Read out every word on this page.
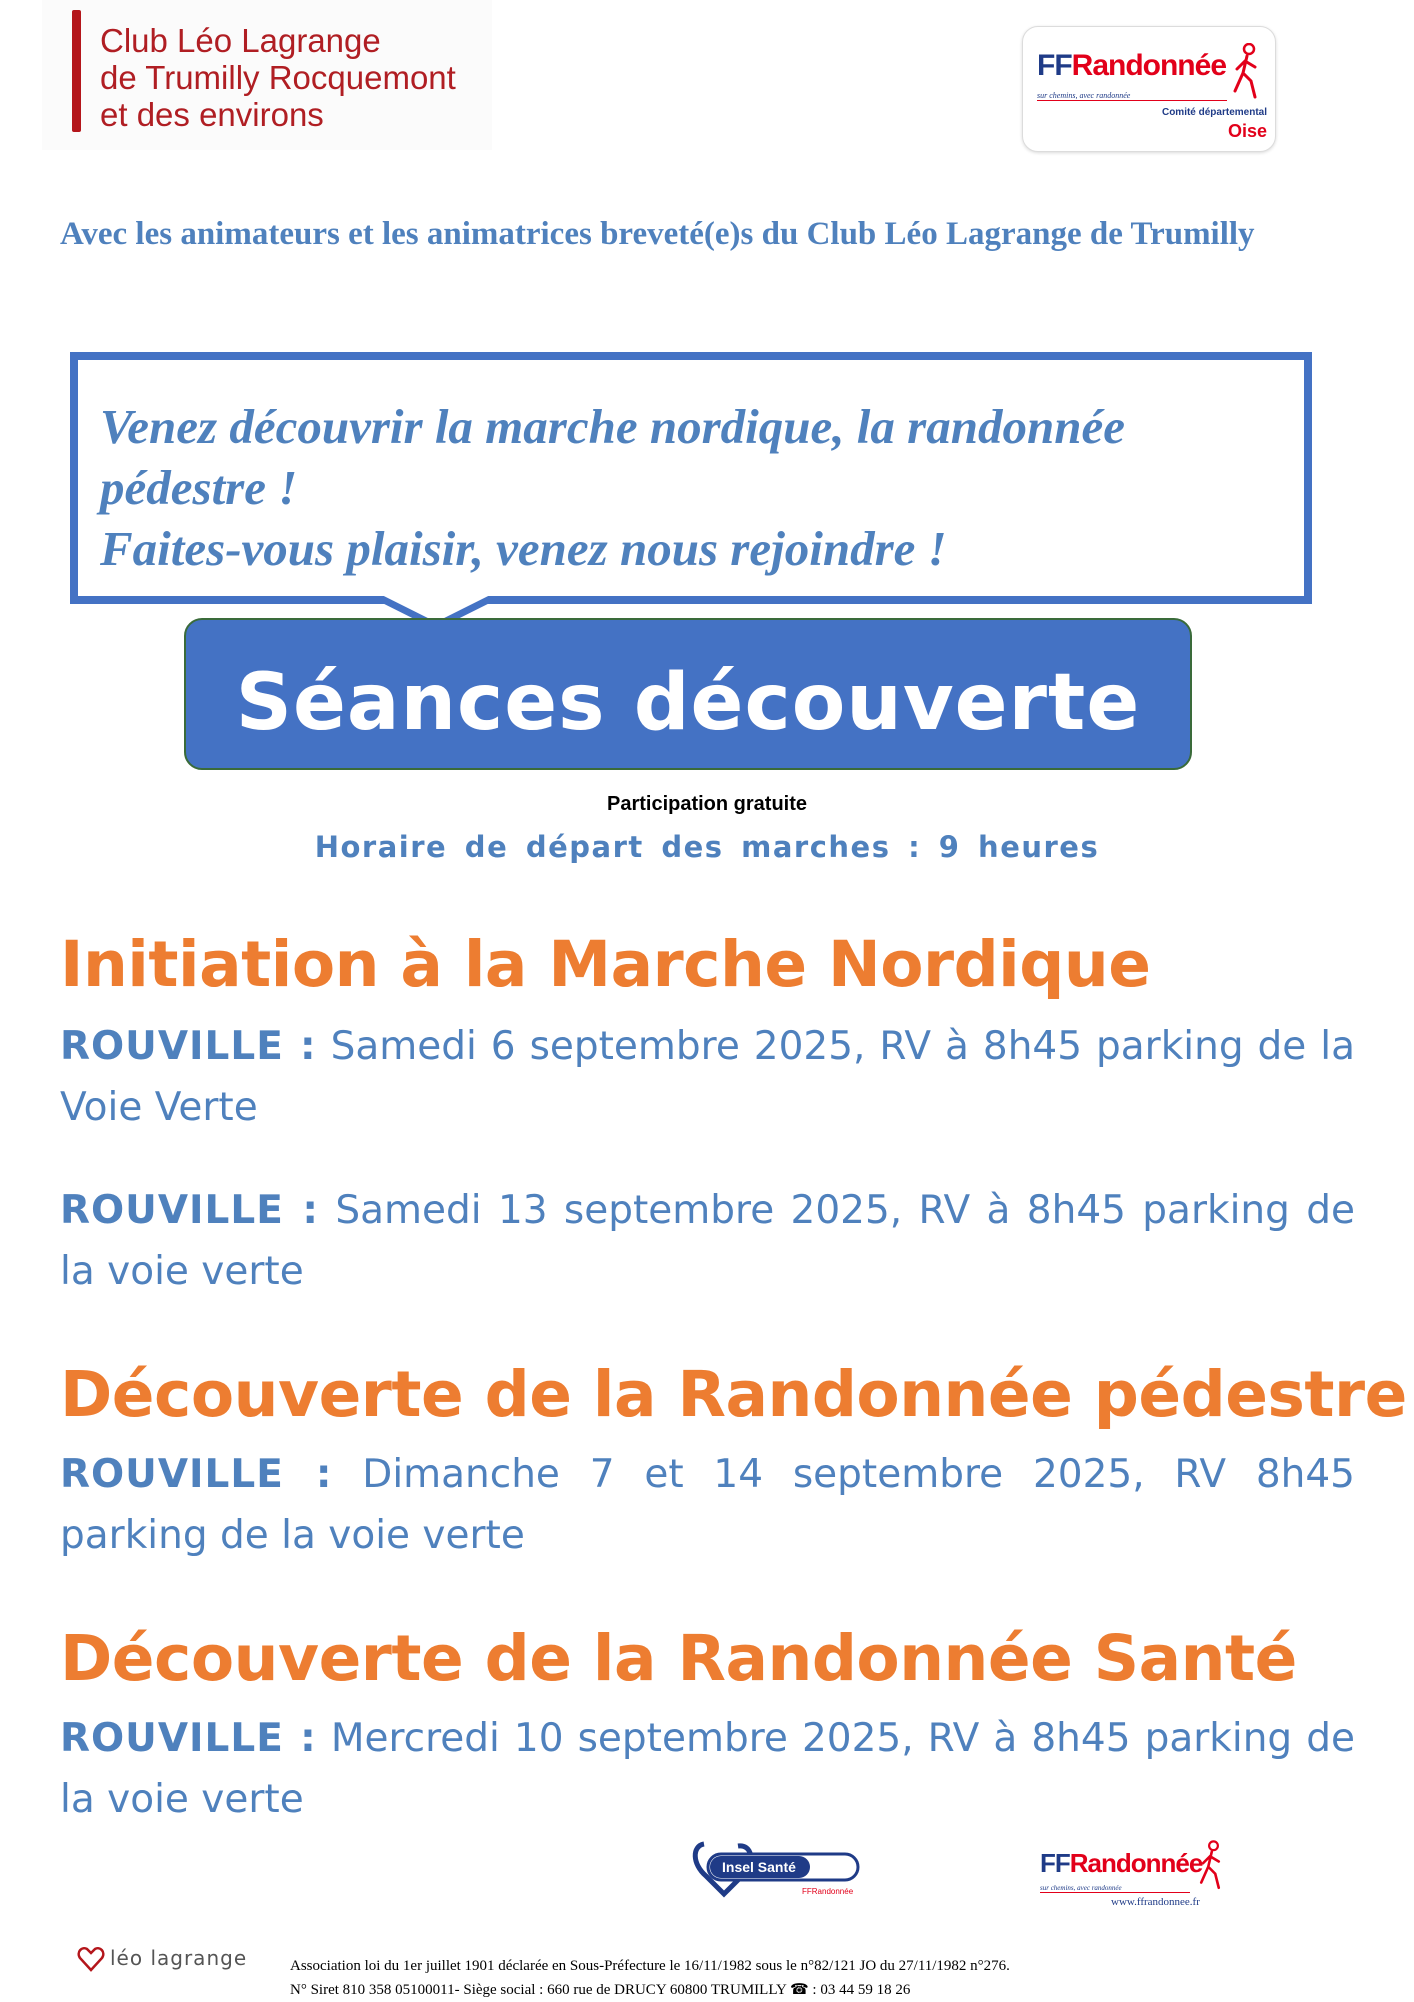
Club Léo Lagrange
de Trumilly Rocquemont
et des environs
FFRandonnée
sur chemins, avec randonnée
Comité départemental
Oise
Avec les animateurs et les animatrices breveté(e)s du Club Léo Lagrange de Trumilly
Venez découvrir la marche nordique, la randonnée pédestre !
Faites-vous plaisir, venez nous rejoindre !
Séances découverte
Participation gratuite
Horaire de départ des marches : 9 heures
Initiation à la Marche Nordique
ROUVILLE : Samedi 6 septembre 2025, RV à 8h45 parking de la Voie Verte
ROUVILLE : Samedi 13 septembre 2025, RV à 8h45 parking de la voie verte
Découverte de la Randonnée pédestre
ROUVILLE : Dimanche 7 et 14 septembre 2025, RV 8h45 parking de la voie verte
Découverte de la Randonnée Santé
ROUVILLE : Mercredi 10 septembre 2025, RV à 8h45 parking de la voie verte
Insel Santé
FFRandonnée
FFRandonnée
sur chemins, avec randonnée
www.ffrandonnee.fr
léo lagrange	Association loi du 1er juillet 1901 déclarée en Sous-Préfecture le 16/11/1982 sous le n°82/121 JO du 27/11/1982 n°276.
N° Siret 810 358 05100011- Siège social : 660 rue de DRUCY 60800 TRUMILLY ☎ : 03 44 59 18 26
